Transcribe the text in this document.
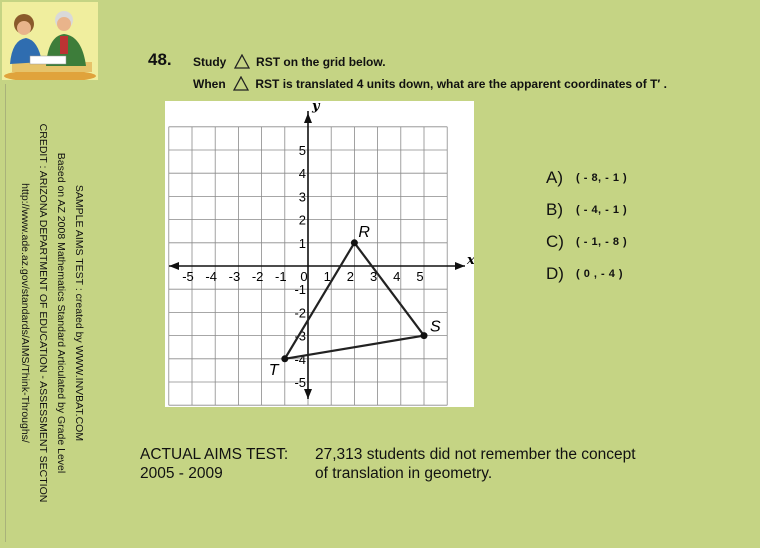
SAMPLE AIMS TEST : created by WWW.INVBAT.COM
Based on AZ 2008 Mathematics Standard Articulated by Grade Level
CREDIT : ARIZONA DEPARTMENT OF EDUCATION - ASSESSMENT SECTION
http://www.ade.az.gov/standards/AIMS/Think-Throughs/
48. Study RST on the grid below.
When RST is translated 4 units down, what are the apparent coordinates of T′ .
x
y
-5 -4 -3 -2 -1 0 1 2 3 4 5
5
4
3
2
1
-1
-2
-3
-4
-5
R
S
T
A)	( - 8, - 1 )
B)	( - 4, - 1 )
C)	( - 1, - 8 )
D)	( 0 , - 4 )
ACTUAL AIMS TEST:	27,313 students did not remember the concept
2005 - 2009	of translation in geometry.
